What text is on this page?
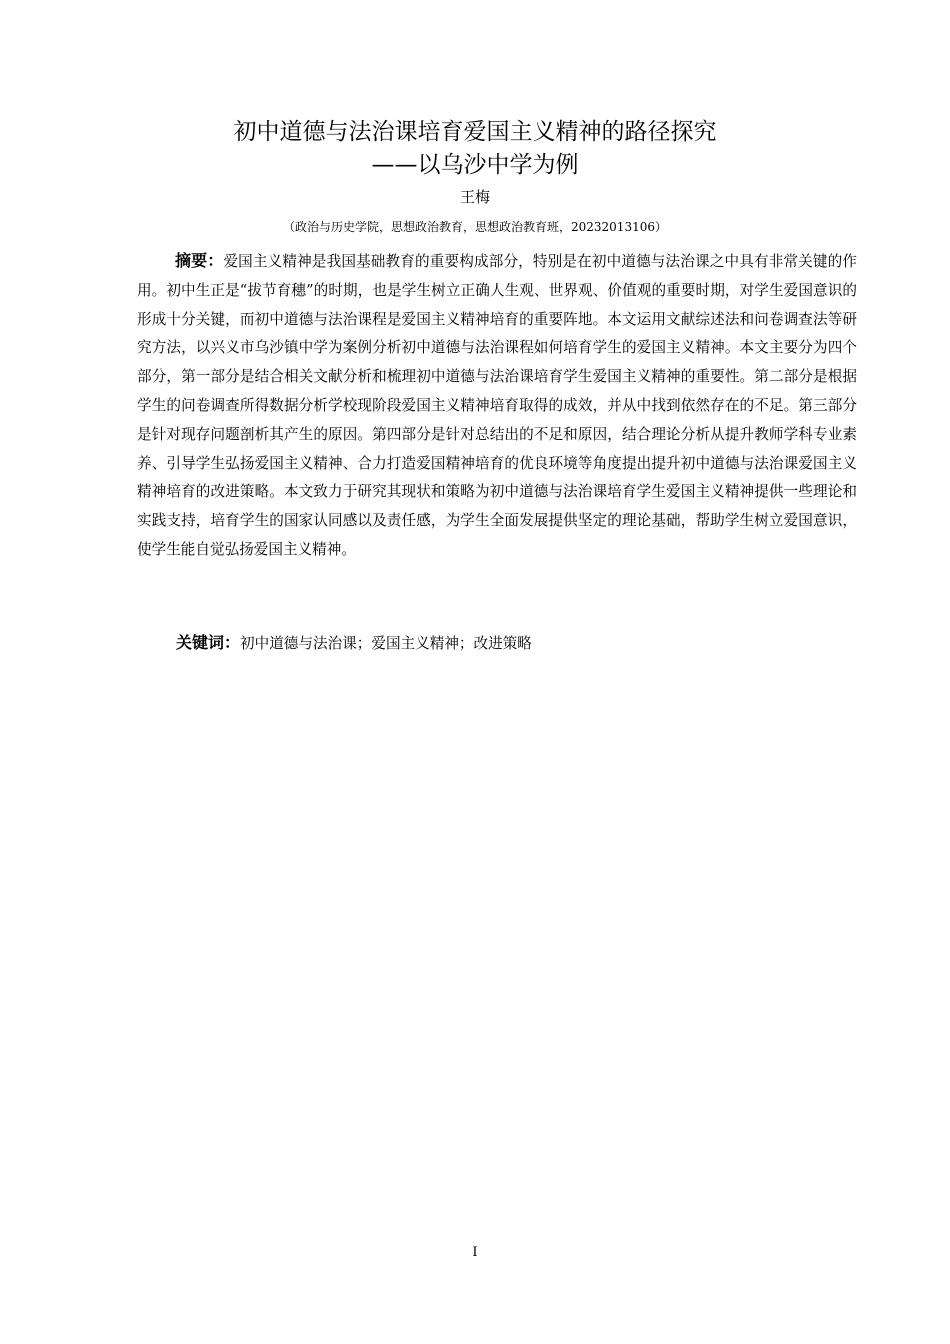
初中道德与法治课培育爱国主义精神的路径探究
——以乌沙中学为例
王梅
（政治与历史学院，思想政治教育，思想政治教育班，20232013106）

摘要：爱国主义精神是我国基础教育的重要构成部分，特别是在初中道德与法治课之中具有非常关键的作用。初中生正是“拔节育穗”的时期，也是学生树立正确人生观、世界观、价值观的重要时期，对学生爱国意识的形成十分关键，而初中道德与法治课程是爱国主义精神培育的重要阵地。本文运用文献综述法和问卷调查法等研究方法，以兴义市乌沙镇中学为案例分析初中道德与法治课程如何培育学生的爱国主义精神。本文主要分为四个部分，第一部分是结合相关文献分析和梳理初中道德与法治课培育学生爱国主义精神的重要性。第二部分是根据学生的问卷调查所得数据分析学校现阶段爱国主义精神培育取得的成效，并从中找到依然存在的不足。第三部分是针对现存问题剖析其产生的原因。第四部分是针对总结出的不足和原因，结合理论分析从提升教师学科专业素养、引导学生弘扬爱国主义精神、合力打造爱国精神培育的优良环境等角度提出提升初中道德与法治课爱国主义精神培育的改进策略。本文致力于研究其现状和策略为初中道德与法治课培育学生爱国主义精神提供一些理论和实践支持，培育学生的国家认同感以及责任感，为学生全面发展提供坚定的理论基础，帮助学生树立爱国意识，使学生能自觉弘扬爱国主义精神。

关键词：初中道德与法治课；爱国主义精神；改进策略
I
